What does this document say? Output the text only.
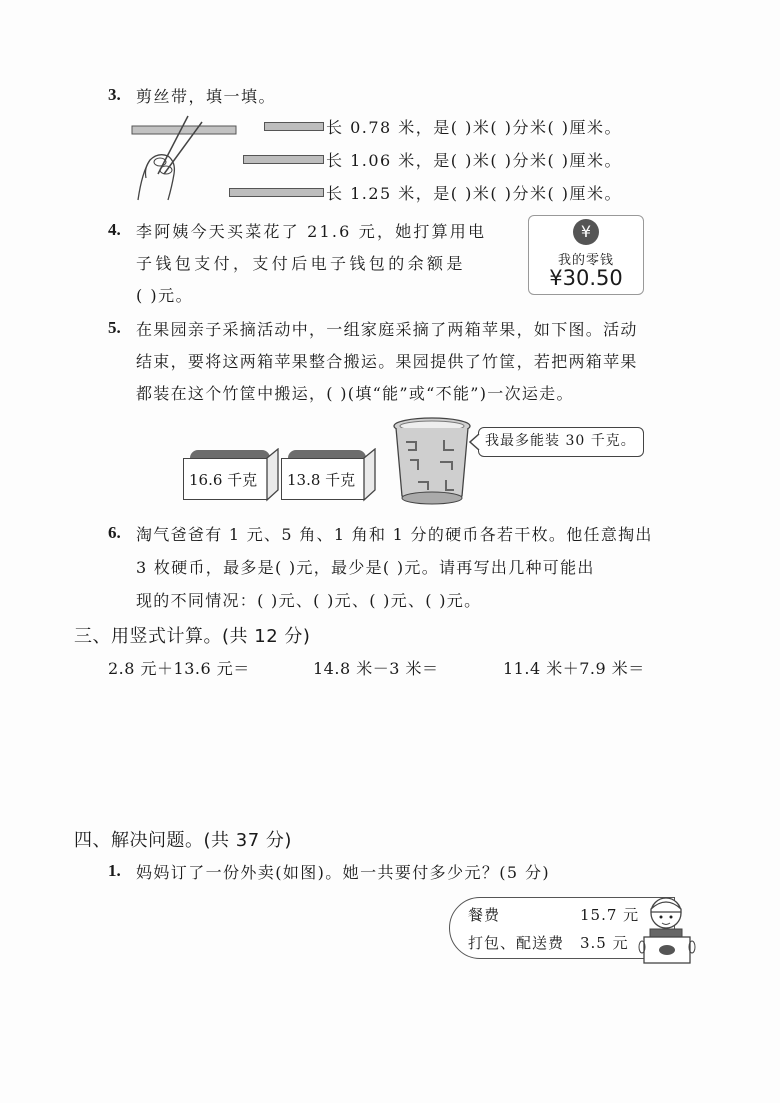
3. 剪丝带，填一填。
长 0.78 米，是( )米( )分米( )厘米。
长 1.06 米，是( )米( )分米( )厘米。
长 1.25 米，是( )米( )分米( )厘米。
4. 李阿姨今天买菜花了 21.6 元，她打算用电
子钱包支付，支付后电子钱包的余额是
( )元。
¥
我的零钱
¥30.50
5. 在果园亲子采摘活动中，一组家庭采摘了两箱苹果，如下图。活动
结束，要将这两箱苹果整合搬运。果园提供了竹筐，若把两箱苹果
都装在这个竹筐中搬运，( )(填“能”或“不能”)一次运走。
16.6 千克	13.8 千克
我最多能装 30 千克。
6. 淘气爸爸有 1 元、5 角、1 角和 1 分的硬币各若干枚。他任意掏出
3 枚硬币，最多是( )元，最少是( )元。请再写出几种可能出
现的不同情况：( )元、( )元、( )元、( )元。
三、用竖式计算。(共 12 分)
2.8 元＋13.6 元＝	14.8 米－3 米＝	11.4 米＋7.9 米＝
四、解决问题。(共 37 分)
1. 妈妈订了一份外卖(如图)。她一共要付多少元？(5 分)
餐费	15.7 元
打包、配送费 3.5 元
